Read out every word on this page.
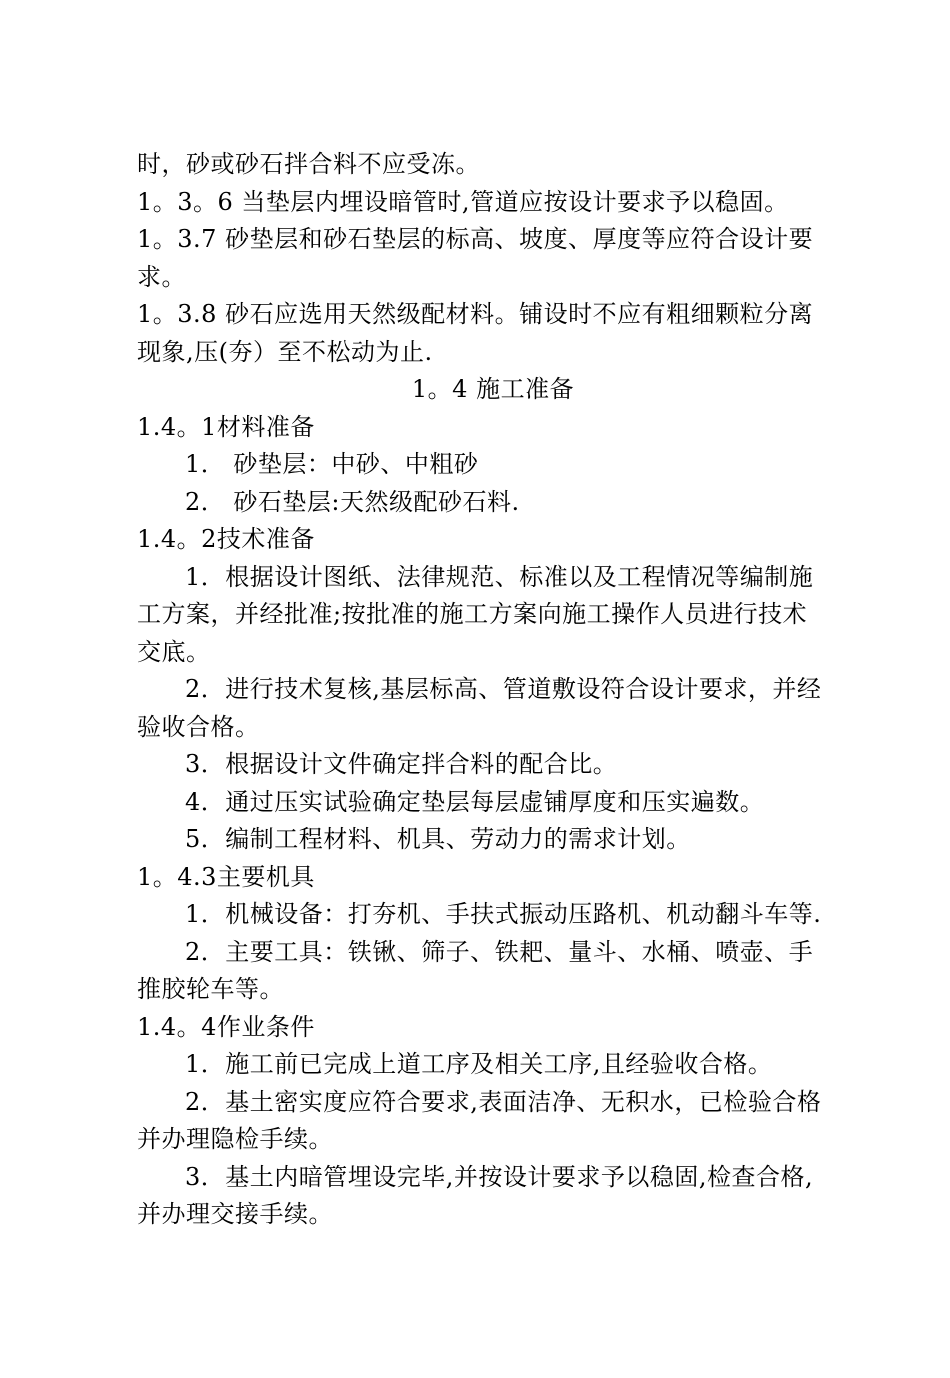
时，砂或砂石拌合料不应受冻。
1。3。6 当垫层内埋设暗管时,管道应按设计要求予以稳固。
1。3.7 砂垫层和砂石垫层的标高、坡度、厚度等应符合设计要
求。
1。3.8 砂石应选用天然级配材料。铺设时不应有粗细颗粒分离
现象,压(夯）至不松动为止.
1。4 施工准备
1.4。1材料准备
1． 砂垫层：中砂、中粗砂
2． 砂石垫层:天然级配砂石料.
1.4。2技术准备
1．根据设计图纸、法律规范、标准以及工程情况等编制施
工方案，并经批准;按批准的施工方案向施工操作人员进行技术
交底。
2．进行技术复核,基层标高、管道敷设符合设计要求，并经
验收合格。
3．根据设计文件确定拌合料的配合比。
4．通过压实试验确定垫层每层虚铺厚度和压实遍数。
5．编制工程材料、机具、劳动力的需求计划。
1。4.3主要机具
1．机械设备：打夯机、手扶式振动压路机、机动翻斗车等.
2．主要工具：铁锹、筛子、铁耙、量斗、水桶、喷壶、手
推胶轮车等。
1.4。4作业条件
1．施工前已完成上道工序及相关工序,且经验收合格。
2．基土密实度应符合要求,表面洁净、无积水，已检验合格
并办理隐检手续。
3．基土内暗管埋设完毕,并按设计要求予以稳固,检查合格,
并办理交接手续。
